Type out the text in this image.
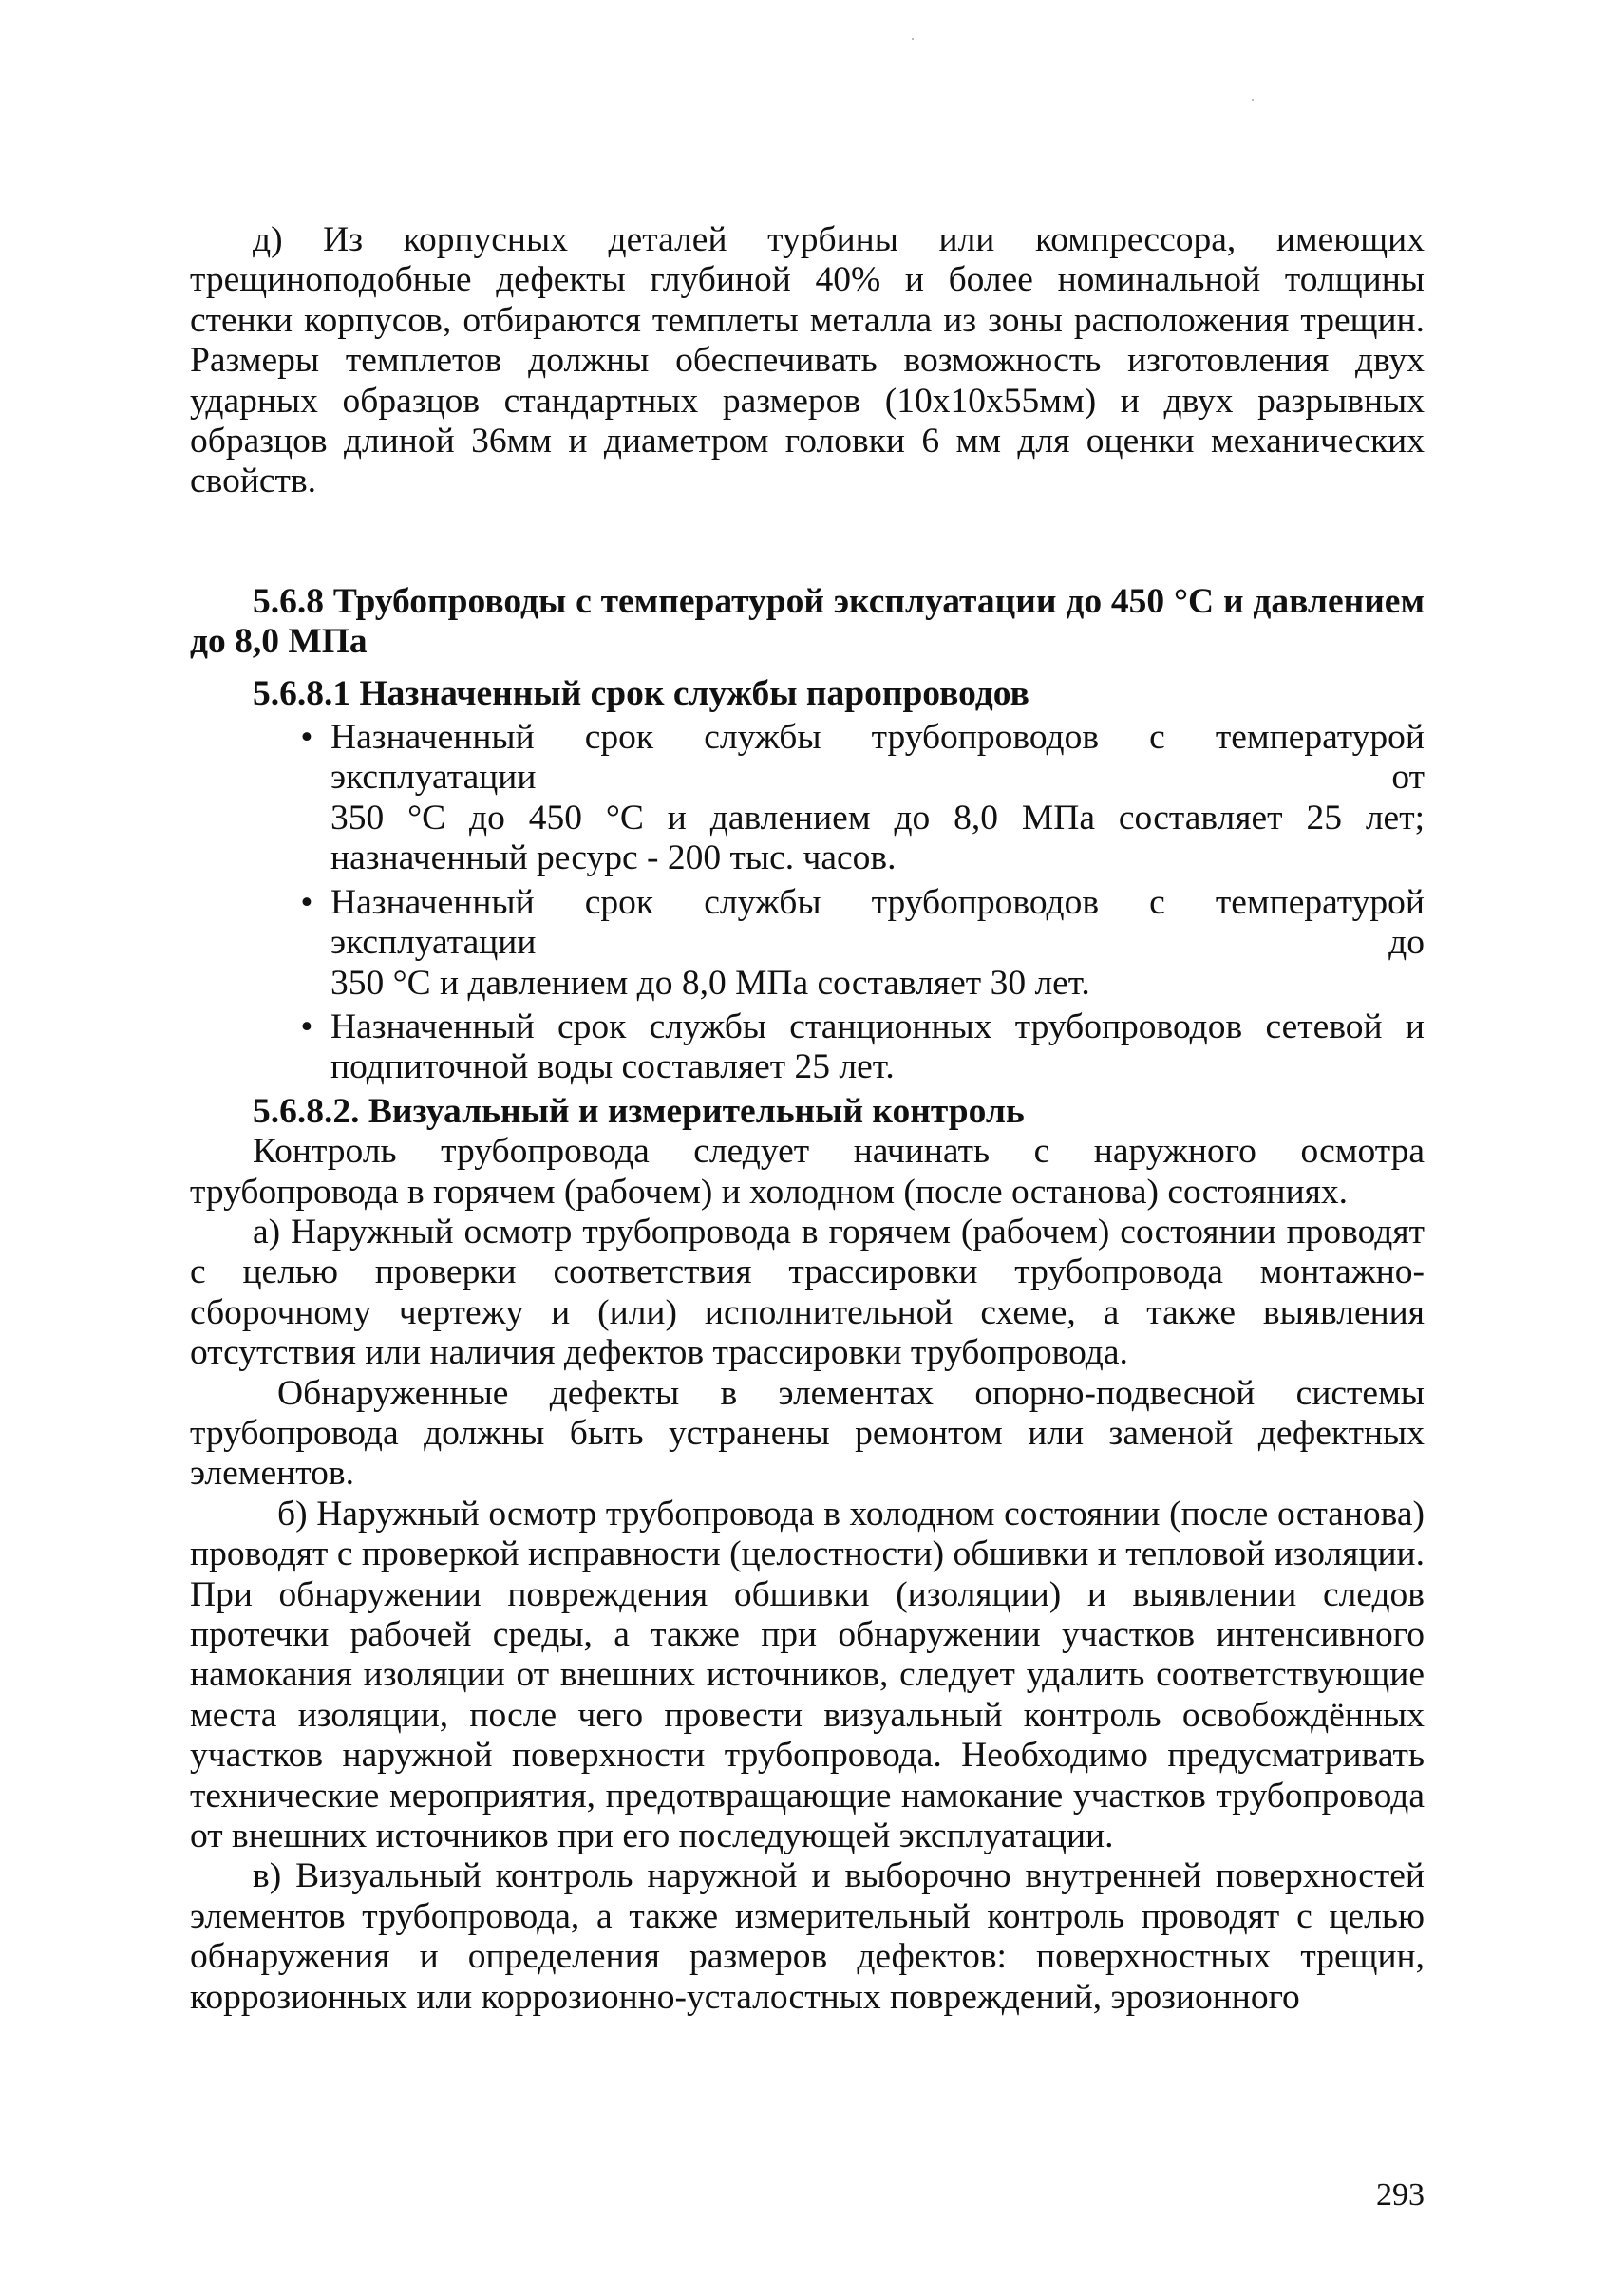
д) Из корпусных деталей турбины или компрессора, имеющих трещиноподобные дефекты глубиной 40% и более номинальной толщины стенки корпусов, отбираются темплеты металла из зоны расположения трещин. Размеры темплетов должны обеспечивать возможность изготовления двух ударных образцов стандартных размеров (10х10х55мм) и двух разрывных образцов длиной 36мм и диаметром головки 6 мм для оценки механических свойств.

5.6.8 Трубопроводы с температурой эксплуатации до 450 °С и давлением до 8,0 МПа

5.6.8.1 Назначенный срок службы паропроводов

• Назначенный срок службы трубопроводов с температурой эксплуатации от

350 °С до 450 °С и давлением до 8,0 МПа составляет 25 лет; назначенный ресурс - 200 тыс. часов.

• Назначенный срок службы трубопроводов с температурой эксплуатации до

350 °С и давлением до 8,0 МПа составляет 30 лет.

• Назначенный срок службы станционных трубопроводов сетевой и подпиточной воды составляет 25 лет.

5.6.8.2. Визуальный и измерительный контроль

Контроль трубопровода следует начинать с наружного осмотра трубопровода в горячем (рабочем) и холодном (после останова) состояниях.

а) Наружный осмотр трубопровода в горячем (рабочем) состоянии проводят с целью проверки соответствия трассировки трубопровода монтажно-сборочному чертежу и (или) исполнительной схеме, а также выявления отсутствия или наличия дефектов трассировки трубопровода.

Обнаруженные дефекты в элементах опорно-подвесной системы трубопровода должны быть устранены ремонтом или заменой дефектных элементов.

б) Наружный осмотр трубопровода в холодном состоянии (после останова) проводят с проверкой исправности (целостности) обшивки и тепловой изоляции. При обнаружении повреждения обшивки (изоляции) и выявлении следов протечки рабочей среды, а также при обнаружении участков интенсивного намокания изоляции от внешних источников, следует удалить соответствующие места изоляции, после чего провести визуальный контроль освобождённых участков наружной поверхности трубопровода. Необходимо предусматривать технические мероприятия, предотвращающие намокание участков трубопровода от внешних источников при его последующей эксплуатации.

в) Визуальный контроль наружной и выборочно внутренней поверхностей элементов трубопровода, а также измерительный контроль проводят с целью обнаружения и определения размеров дефектов: поверхностных трещин, коррозионных или коррозионно-усталостных повреждений, эрозионного

293
